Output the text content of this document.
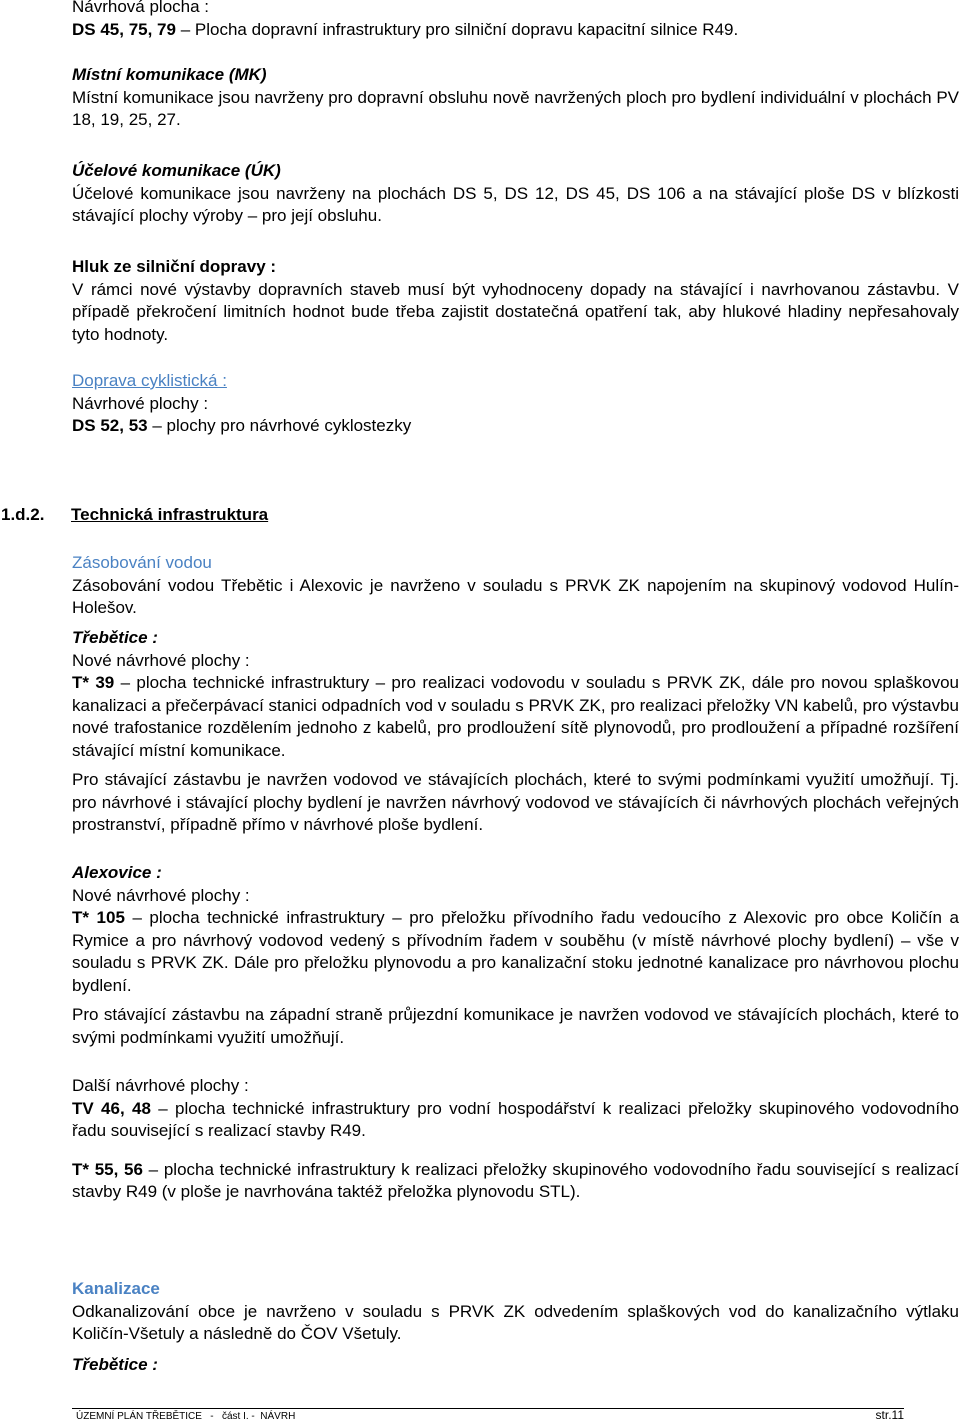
Návrhová plocha :

DS 45, 75, 79 – Plocha dopravní infrastruktury pro silniční dopravu kapacitní silnice R49.

Místní komunikace (MK)

Místní komunikace jsou navrženy pro dopravní obsluhu nově navržených ploch pro bydlení individuální v plochách PV 18, 19, 25, 27.

Účelové komunikace (ÚK)

Účelové komunikace jsou navrženy na plochách DS 5, DS 12, DS 45, DS 106 a na stávající ploše DS v blízkosti stávající plochy výroby – pro její obsluhu.

Hluk ze silniční dopravy :

V rámci nové výstavby dopravních staveb musí být vyhodnoceny dopady na stávající i navrhovanou zástavbu. V případě překročení limitních hodnot bude třeba zajistit dostatečná opatření tak, aby hlukové hladiny nepřesahovaly tyto hodnoty.

Doprava cyklistická :

Návrhové plochy :

DS 52, 53 – plochy pro návrhové cyklostezky

1.d.2. Technická infrastruktura

Zásobování vodou

Zásobování vodou Třebětic i Alexovic je navrženo v souladu s PRVK ZK napojením na skupinový vodovod Hulín-Holešov.

Třebětice :

Nové návrhové plochy :

T* 39 – plocha technické infrastruktury – pro realizaci vodovodu v souladu s PRVK ZK, dále pro novou splaškovou kanalizaci a přečerpávací stanici odpadních vod v souladu s PRVK ZK, pro realizaci přeložky VN kabelů, pro výstavbu nové trafostanice rozdělením jednoho z kabelů, pro prodloužení sítě plynovodů, pro prodloužení a případné rozšíření stávající místní komunikace.

Pro stávající zástavbu je navržen vodovod ve stávajících plochách, které to svými podmínkami využití umožňují. Tj. pro návrhové i stávající plochy bydlení je navržen návrhový vodovod ve stávajících či návrhových plochách veřejných prostranství, případně přímo v návrhové ploše bydlení.

Alexovice :

Nové návrhové plochy :

T* 105 – plocha technické infrastruktury – pro přeložku přívodního řadu vedoucího z Alexovic pro obce Količín a Rymice a pro návrhový vodovod vedený s přívodním řadem v souběhu (v místě návrhové plochy bydlení) – vše v souladu s PRVK ZK. Dále pro přeložku plynovodu a pro kanalizační stoku jednotné kanalizace pro návrhovou plochu bydlení.

Pro stávající zástavbu na západní straně průjezdní komunikace je navržen vodovod ve stávajících plochách, které to svými podmínkami využití umožňují.

Další návrhové plochy :

TV 46, 48 – plocha technické infrastruktury pro vodní hospodářství k realizaci přeložky skupinového vodovodního řadu související s realizací stavby R49.

T* 55, 56 – plocha technické infrastruktury k realizaci přeložky skupinového vodovodního řadu související s realizací stavby R49 (v ploše je navrhována taktéž přeložka plynovodu STL).

Kanalizace

Odkanalizování obce je navrženo v souladu s PRVK ZK odvedením splaškových vod do kanalizačního výtlaku Količín-Všetuly a následně do ČOV Všetuly.

Třebětice :

ÚZEMNÍ PLÁN TŘEBĚTICE   -   část I. -  NÁVRH	str.11
